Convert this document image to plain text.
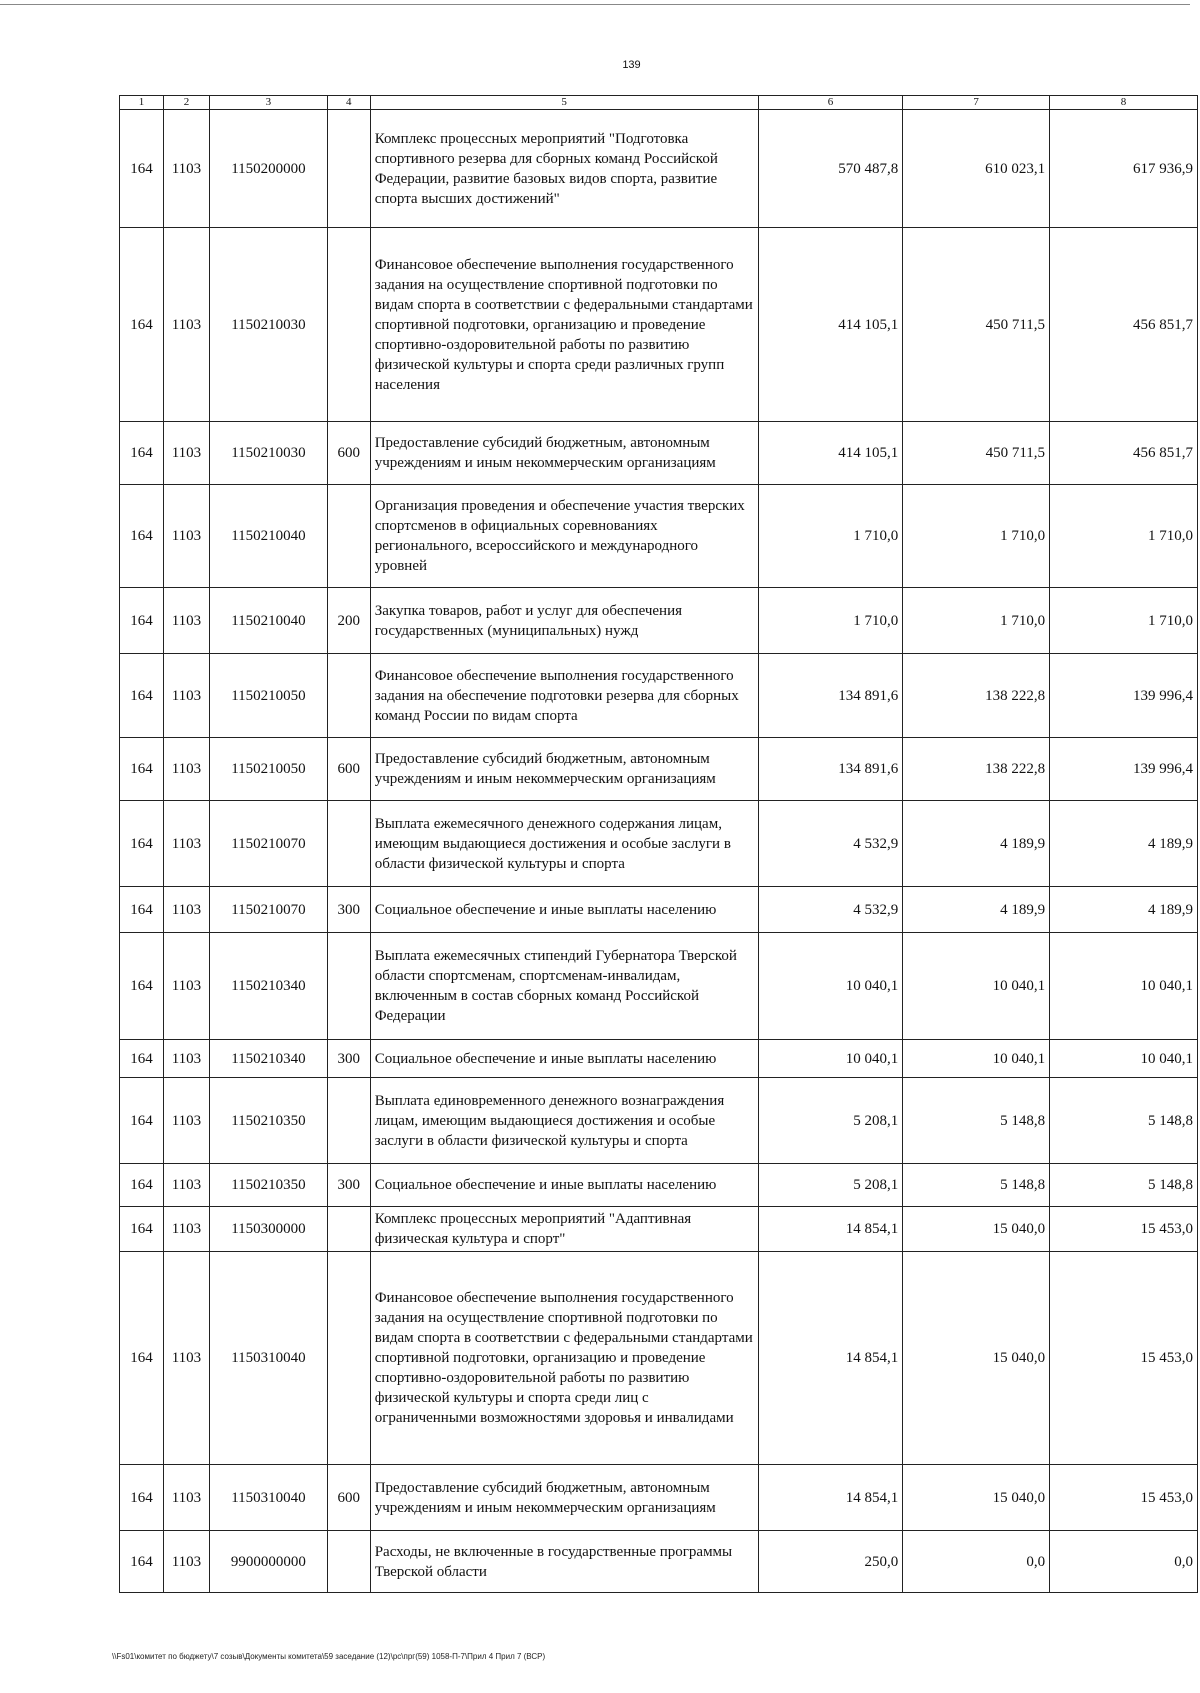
139
1	2	3	4	5	6	7	8
164	1103	1150200000		Комплекс процессных мероприятий "Подготовка спортивного резерва для сборных команд Российской Федерации, развитие базовых видов спорта, развитие спорта высших достижений"	570 487,8	610 023,1	617 936,9
164	1103	1150210030		Финансовое обеспечение выполнения государственного задания на осуществление спортивной подготовки по видам спорта в соответствии с федеральными стандартами спортивной подготовки, организацию и проведение спортивно-оздоровительной работы по развитию физической культуры и спорта среди различных групп населения	414 105,1	450 711,5	456 851,7
164	1103	1150210030	600	Предоставление субсидий бюджетным, автономным учреждениям и иным некоммерческим организациям	414 105,1	450 711,5	456 851,7
164	1103	1150210040		Организация проведения и обеспечение участия тверских спортсменов в официальных соревнованиях регионального, всероссийского и международного уровней	1 710,0	1 710,0	1 710,0
164	1103	1150210040	200	Закупка товаров, работ и услуг для обеспечения государственных (муниципальных) нужд	1 710,0	1 710,0	1 710,0
164	1103	1150210050		Финансовое обеспечение выполнения государственного задания на обеспечение подготовки резерва для сборных команд России по видам спорта	134 891,6	138 222,8	139 996,4
164	1103	1150210050	600	Предоставление субсидий бюджетным, автономным учреждениям и иным некоммерческим организациям	134 891,6	138 222,8	139 996,4
164	1103	1150210070		Выплата ежемесячного денежного содержания лицам, имеющим выдающиеся достижения и особые заслуги в области физической культуры и спорта	4 532,9	4 189,9	4 189,9
164	1103	1150210070	300	Социальное обеспечение и иные выплаты населению	4 532,9	4 189,9	4 189,9
164	1103	1150210340		Выплата ежемесячных стипендий Губернатора Тверской области спортсменам, спортсменам-инвалидам, включенным в состав сборных команд Российской Федерации	10 040,1	10 040,1	10 040,1
164	1103	1150210340	300	Социальное обеспечение и иные выплаты населению	10 040,1	10 040,1	10 040,1
164	1103	1150210350		Выплата единовременного денежного вознаграждения лицам, имеющим выдающиеся достижения и особые заслуги в области физической культуры и спорта	5 208,1	5 148,8	5 148,8
164	1103	1150210350	300	Социальное обеспечение и иные выплаты населению	5 208,1	5 148,8	5 148,8
164	1103	1150300000		Комплекс процессных мероприятий "Адаптивная физическая культура и спорт"	14 854,1	15 040,0	15 453,0
164	1103	1150310040		Финансовое обеспечение выполнения государственного задания на осуществление спортивной подготовки по видам спорта в соответствии с федеральными стандартами спортивной подготовки, организацию и проведение спортивно-оздоровительной работы по развитию физической культуры и спорта среди лиц с ограниченными возможностями здоровья и инвалидами	14 854,1	15 040,0	15 453,0
164	1103	1150310040	600	Предоставление субсидий бюджетным, автономным учреждениям и иным некоммерческим организациям	14 854,1	15 040,0	15 453,0
164	1103	9900000000		Расходы, не включенные в государственные программы Тверской области	250,0	0,0	0,0
\\Fs01\комитет по бюджету\7 созыв\Документы комитета\59 заседание (12)\рс\прг(59) 1058-П-7\Прил 4 Прил 7 (ВСР)
